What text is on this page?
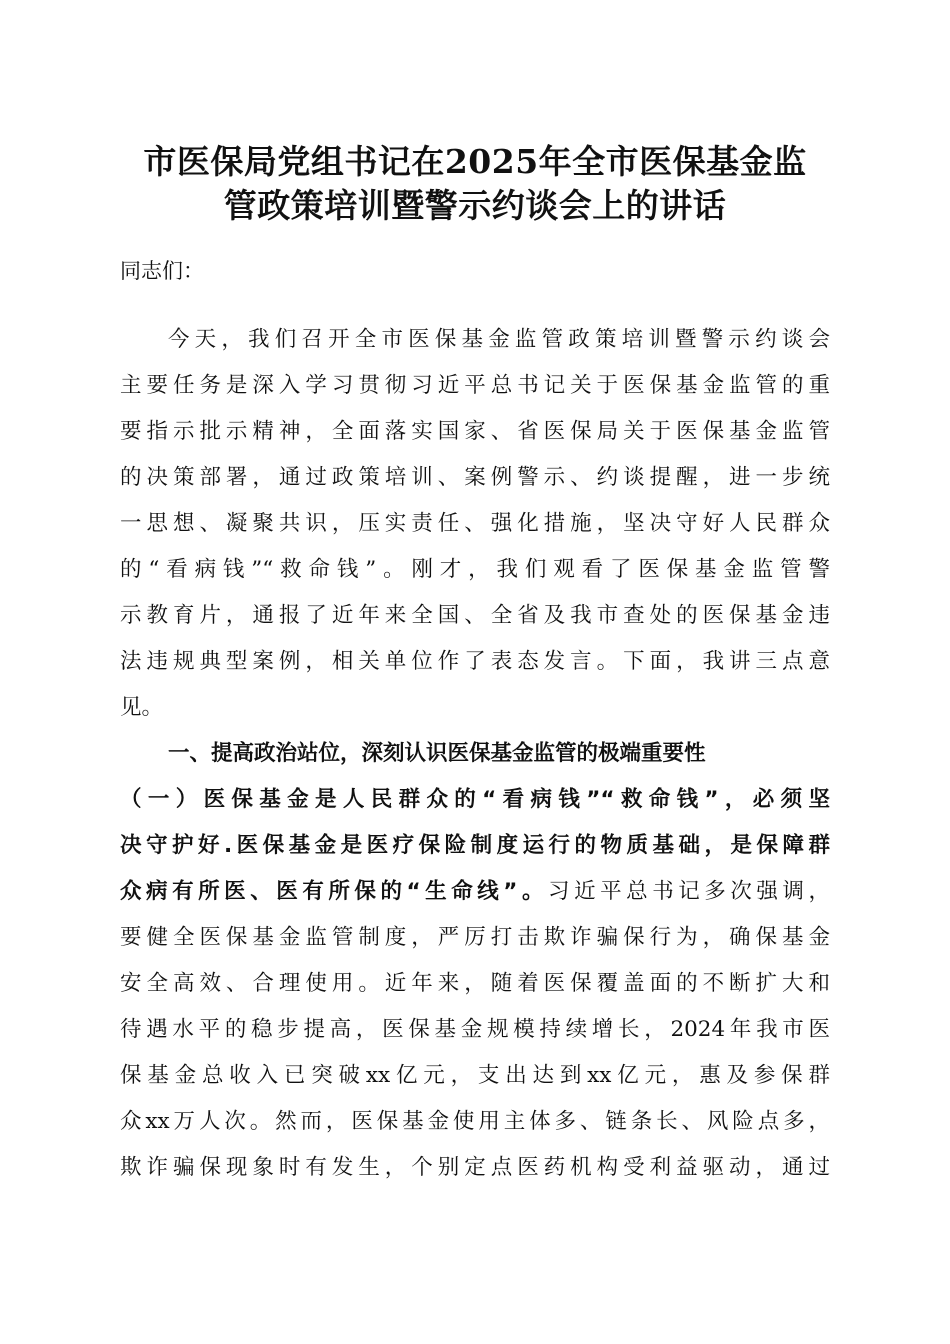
市医保局党组书记在2025年全市医保基金监
管政策培训暨警示约谈会上的讲话

同志们：

今天，我们召开全市医保基金监管政策培训暨警示约谈会

主要任务是深入学习贯彻习近平总书记关于医保基金监管的重

要指示批示精神，全面落实国家、省医保局关于医保基金监管

的决策部署，通过政策培训、案例警示、约谈提醒，进一步统

一思想、凝聚共识，压实责任、强化措施，坚决守好人民群众

的“看病钱”“救命钱”。刚才，我们观看了医保基金监管警

示教育片，通报了近年来全国、全省及我市查处的医保基金违

法违规典型案例，相关单位作了表态发言。下面，我讲三点意

见。

一、提高政治站位，深刻认识医保基金监管的极端重要性

（一）医保基金是人民群众的“看病钱”“救命钱”，必须坚

决守护好.医保基金是医疗保险制度运行的物质基础，是保障群

众病有所医、医有所保的“生命线”。习近平总书记多次强调，

要健全医保基金监管制度，严厉打击欺诈骗保行为，确保基金

安全高效、合理使用。近年来，随着医保覆盖面的不断扩大和

待遇水平的稳步提高，医保基金规模持续增长，2024年我市医

保基金总收入已突破xx亿元，支出达到xx亿元，惠及参保群

众xx万人次。然而，医保基金使用主体多、链条长、风险点多，

欺诈骗保现象时有发生，个别定点医药机构受利益驱动，通过
